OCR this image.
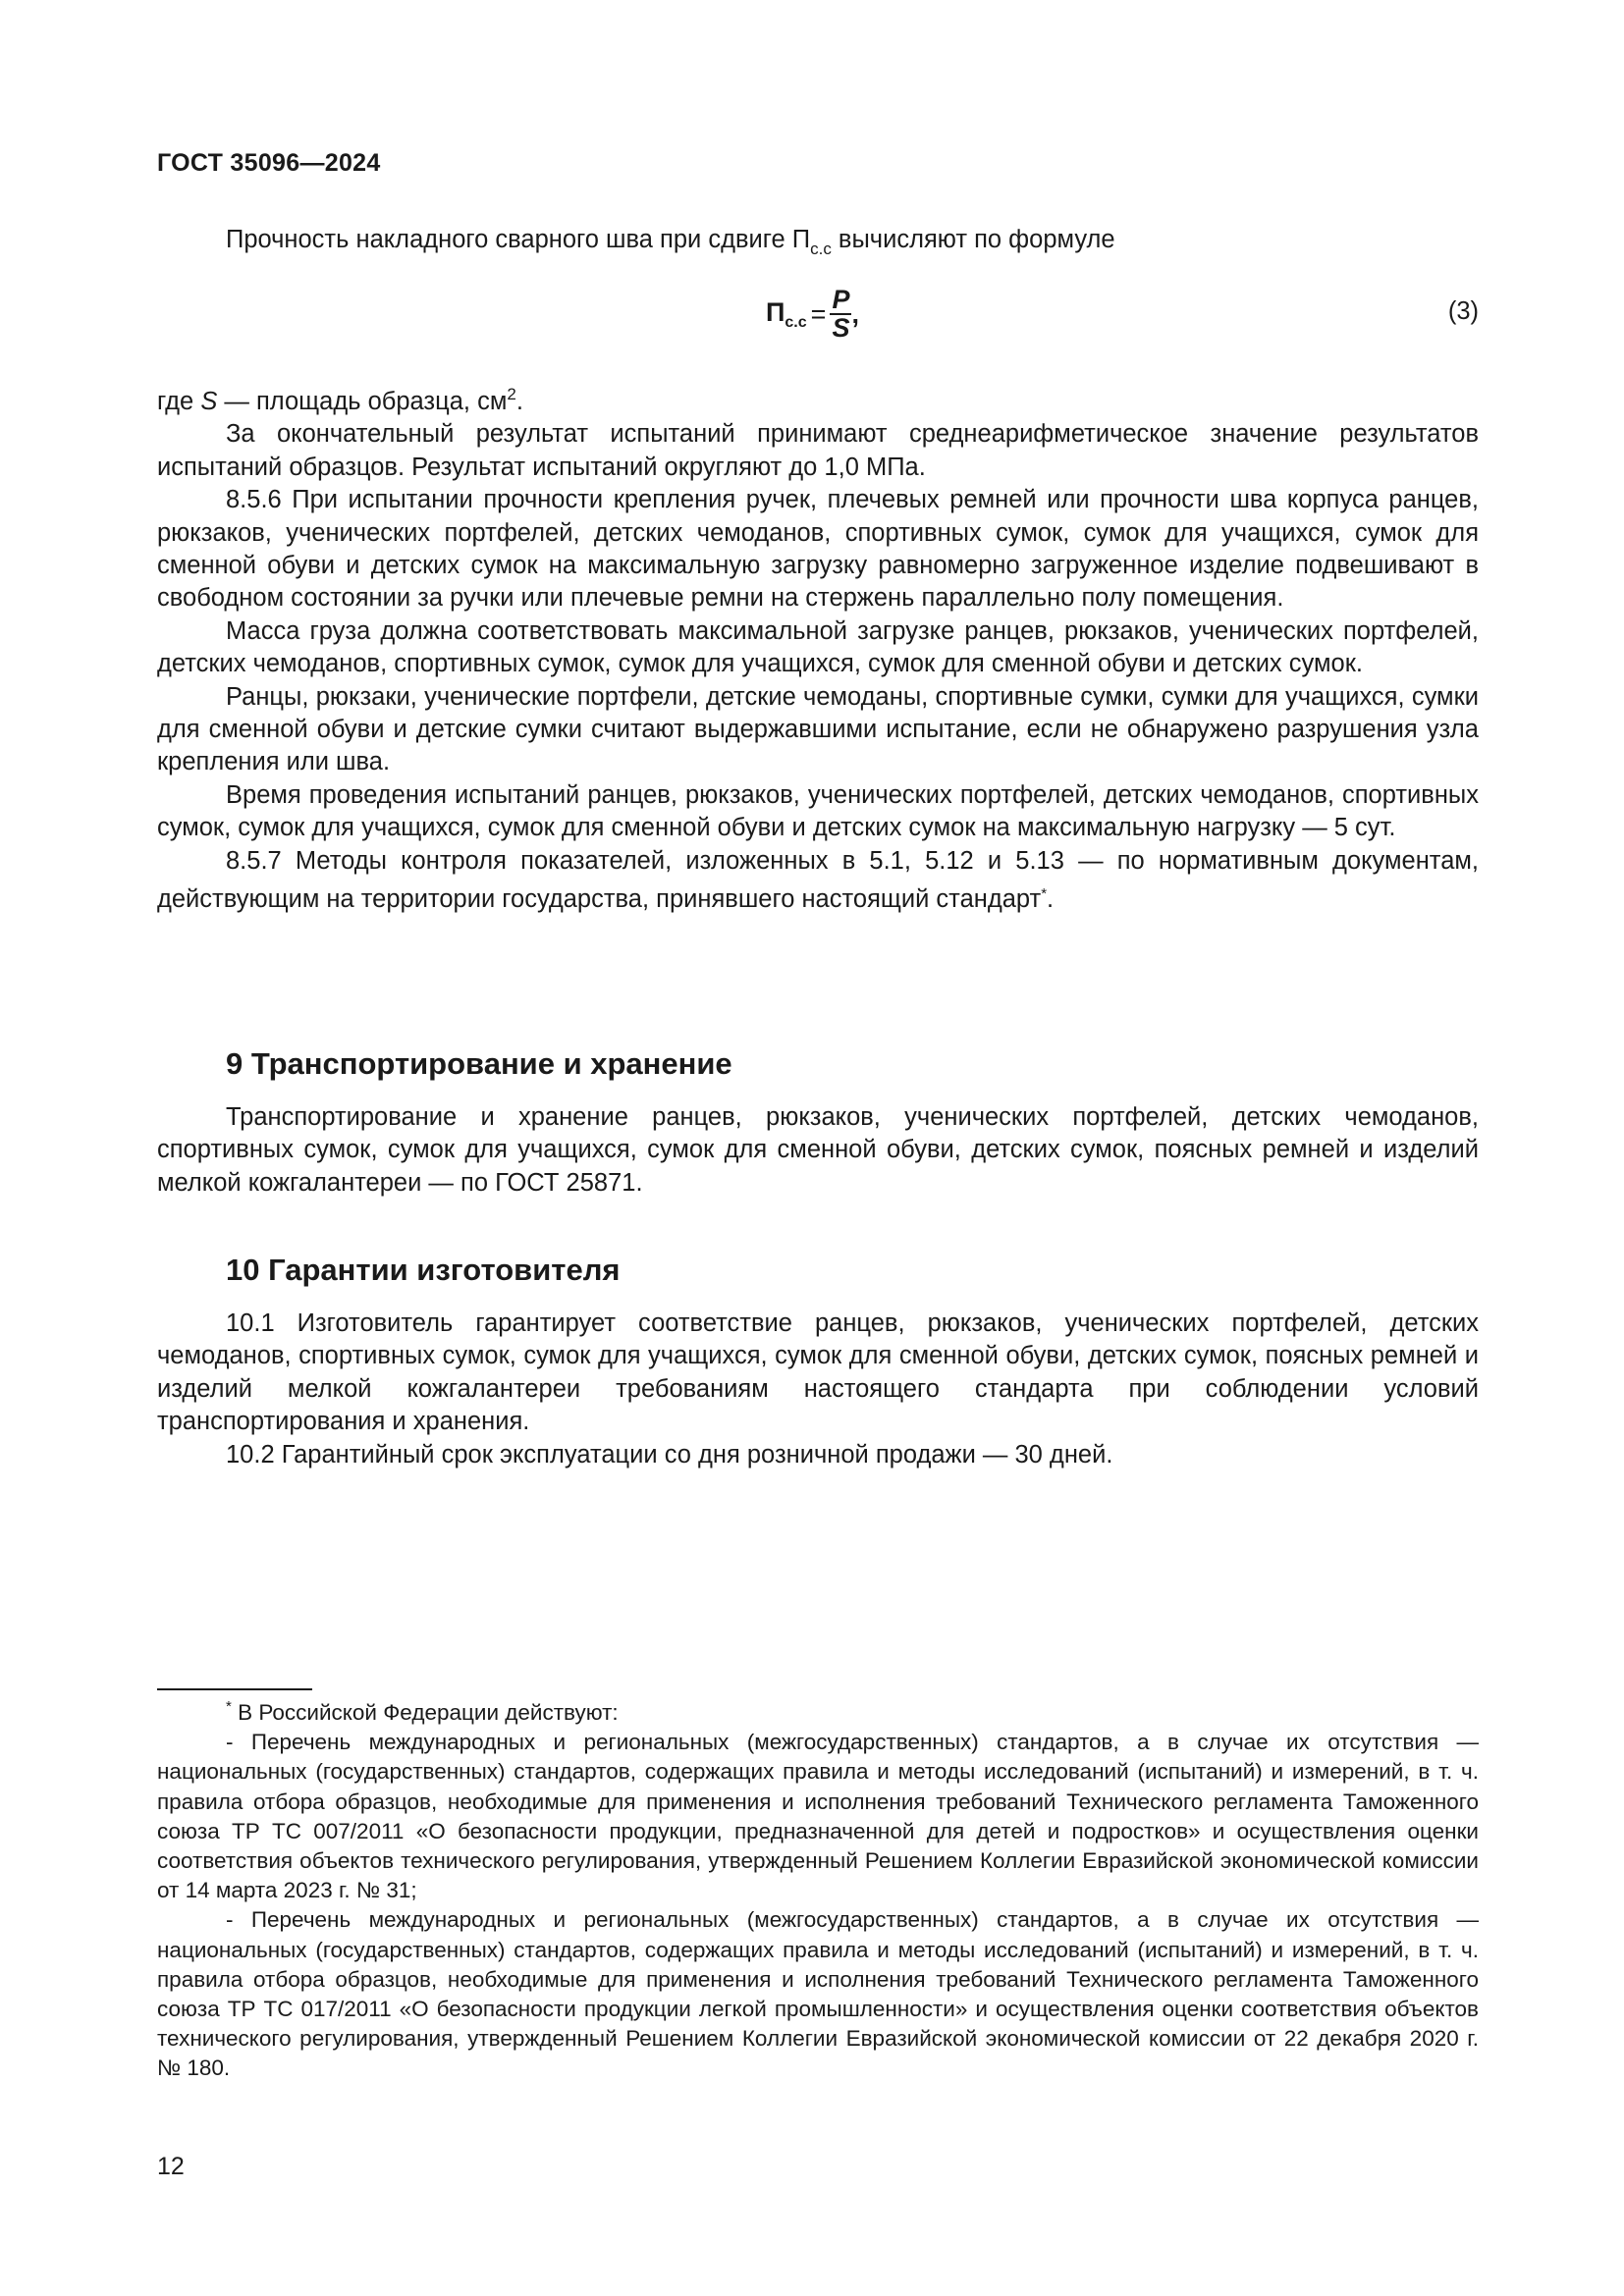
ГОСТ 35096—2024

Прочность накладного сварного шва при сдвиге $П_{с.с}$ вычисляют по формуле

$П_{с.с} = \frac{P}{S}$ ,	(3)

где S — площадь образца, $см^2$.

За окончательный результат испытаний принимают среднеарифметическое значение результатов испытаний образцов. Результат испытаний округляют до 1,0 МПа.

8.5.6 При испытании прочности крепления ручек, плечевых ремней или прочности шва корпуса ранцев, рюкзаков, ученических портфелей, детских чемоданов, спортивных сумок, сумок для учащихся, сумок для сменной обуви и детских сумок на максимальную загрузку равномерно загруженное изделие подвешивают в свободном состоянии за ручки или плечевые ремни на стержень параллельно полу помещения.

Масса груза должна соответствовать максимальной загрузке ранцев, рюкзаков, ученических портфелей, детских чемоданов, спортивных сумок, сумок для учащихся, сумок для сменной обуви и детских сумок.

Ранцы, рюкзаки, ученические портфели, детские чемоданы, спортивные сумки, сумки для учащихся, сумки для сменной обуви и детские сумки считают выдержавшими испытание, если не обнаружено разрушения узла крепления или шва.

Время проведения испытаний ранцев, рюкзаков, ученических портфелей, детских чемоданов, спортивных сумок, сумок для учащихся, сумок для сменной обуви и детских сумок на максимальную нагрузку — 5 сут.

8.5.7 Методы контроля показателей, изложенных в 5.1, 5.12 и 5.13 — по нормативным документам, действующим на территории государства, принявшего настоящий стандарт*.

9 Транспортирование и хранение

Транспортирование и хранение ранцев, рюкзаков, ученических портфелей, детских чемоданов, спортивных сумок, сумок для учащихся, сумок для сменной обуви, детских сумок, поясных ремней и изделий мелкой кожгалантереи — по ГОСТ 25871.

10 Гарантии изготовителя

10.1 Изготовитель гарантирует соответствие ранцев, рюкзаков, ученических портфелей, детских чемоданов, спортивных сумок, сумок для учащихся, сумок для сменной обуви, детских сумок, поясных ремней и изделий мелкой кожгалантереи требованиям настоящего стандарта при соблюдении условий транспортирования и хранения.

10.2 Гарантийный срок эксплуатации со дня розничной продажи — 30 дней.

* В Российской Федерации действуют:

- Перечень международных и региональных (межгосударственных) стандартов, а в случае их отсутствия — национальных (государственных) стандартов, содержащих правила и методы исследований (испытаний) и измерений, в т. ч. правила отбора образцов, необходимые для применения и исполнения требований Технического регламента Таможенного союза ТР ТС 007/2011 «О безопасности продукции, предназначенной для детей и подростков» и осуществления оценки соответствия объектов технического регулирования, утвержденный Решением Коллегии Евразийской экономической комиссии от 14 марта 2023 г. № 31;

- Перечень международных и региональных (межгосударственных) стандартов, а в случае их отсутствия — национальных (государственных) стандартов, содержащих правила и методы исследований (испытаний) и измерений, в т. ч. правила отбора образцов, необходимые для применения и исполнения требований Технического регламента Таможенного союза ТР ТС 017/2011 «О безопасности продукции легкой промышленности» и осуществления оценки соответствия объектов технического регулирования, утвержденный Решением Коллегии Евразийской экономической комиссии от 22 декабря 2020 г. № 180.

12
